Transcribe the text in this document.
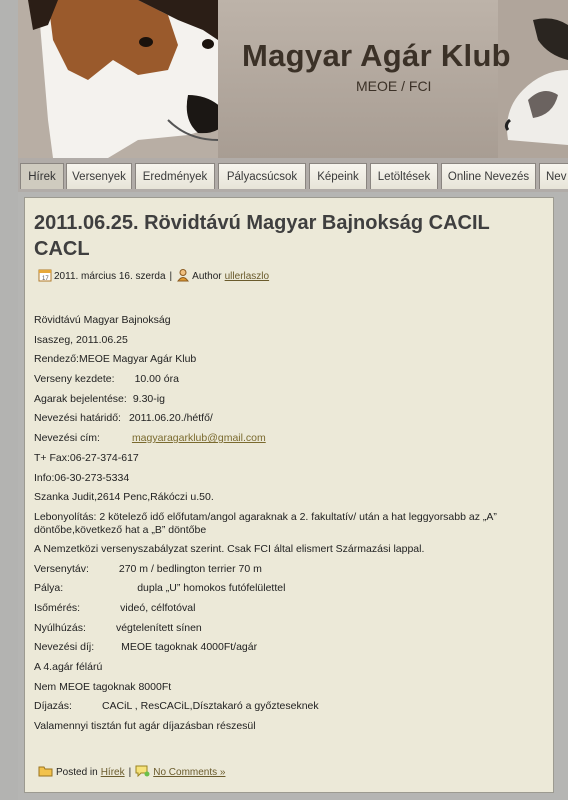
Magyar Agár Klub
MEOE / FCI
Hírek	Versenyek	Eredmények	Pályacsúcsok	Képeink	Letöltések	Online Nevezés	Nev
2011.06.25. Rövidtávú Magyar Bajnokság CACIL CACL
17 2011. március 16. szerda | Author ullerlaszlo
Rövidtávú Magyar Bajnokság
Isaszeg, 2011.06.25
Rendező:MEOE Magyar Agár Klub
Verseny kezdete: 10.00 óra
Agarak bejelentése: 9.30-ig
Nevezési határidő: 2011.06.20./hétfő/
Nevezési cím:	magyaragarklub@gmail.com
T+ Fax:06-27-374-617
Info:06-30-273-5334
Szanka Judit,2614 Penc,Rákóczi u.50.
Lebonyolítás: 2 kötelező idő előfutam/angol agaraknak a 2. fakultatív/ után a hat leggyorsabb az „A” döntőbe,következő hat a „B” döntőbe
A Nemzetközi versenyszabályzat szerint. Csak FCI által elismert Származási lappal.
Versenytáv:	270 m / bedlington terrier 70 m
Pálya:	dupla „U” homokos futófelülettel
Isőmérés:	videó, célfotóval
Nyúlhúzás:	végtelenített sínen
Nevezési díj:	MEOE tagoknak 4000Ft/agár
A 4.agár félárú
Nem MEOE tagoknak 8000Ft
Díjazás:	CACiL , ResCACiL,Dísztakaró a győzteseknek
Valamennyi tisztán fut agár díjazásban részesül
Posted in Hírek | No Comments »
